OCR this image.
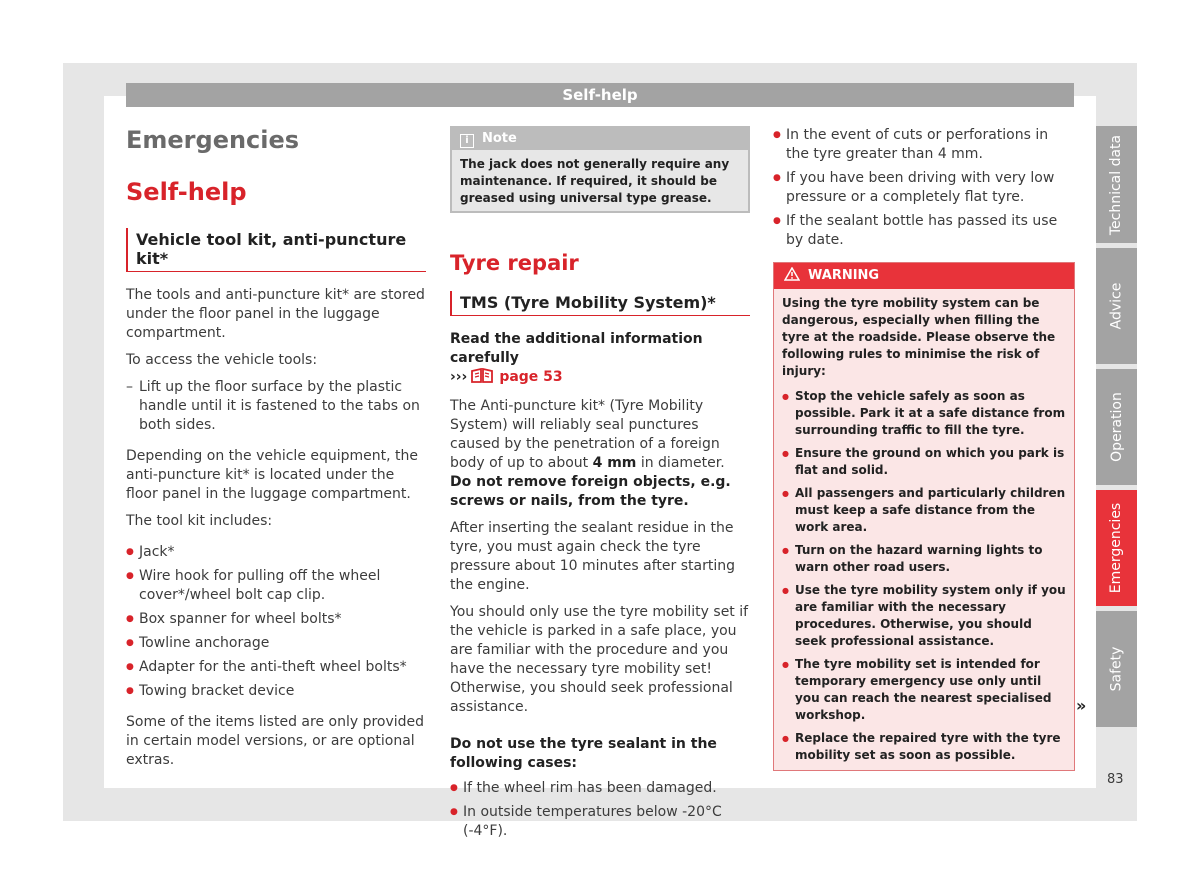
Self-help
Emergencies
Self-help
Vehicle tool kit, anti-puncture kit*

The tools and anti-puncture kit* are stored under the floor panel in the luggage compartment.

To access the vehicle tools:

– Lift up the floor surface by the plastic handle until it is fastened to the tabs on both sides.

Depending on the vehicle equipment, the anti-puncture kit* is located under the floor panel in the luggage compartment.

The tool kit includes:

● Jack*
● Wire hook for pulling off the wheel cover*/wheel bolt cap clip.
● Box spanner for wheel bolts*
● Towline anchorage
● Adapter for the anti-theft wheel bolts*
● Towing bracket device

Some of the items listed are only provided in certain model versions, or are optional extras.

i Note
The jack does not generally require any maintenance. If required, it should be greased using universal type grease.
Tyre repair
TMS (Tyre Mobility System)*

Read the additional information carefully
››› page 53

The Anti-puncture kit* (Tyre Mobility System) will reliably seal punctures caused by the penetration of a foreign body of up to about 4 mm in diameter. Do not remove foreign objects, e.g. screws or nails, from the tyre.

After inserting the sealant residue in the tyre, you must again check the tyre pressure about 10 minutes after starting the engine.

You should only use the tyre mobility set if the vehicle is parked in a safe place, you are familiar with the procedure and you have the necessary tyre mobility set! Otherwise, you should seek professional assistance.

Do not use the tyre sealant in the following cases:

● If the wheel rim has been damaged.
● In outside temperatures below -20°C (-4°F).
● In the event of cuts or perforations in the tyre greater than 4 mm.
● If you have been driving with very low pressure or a completely flat tyre.
● If the sealant bottle has passed its use by date.
WARNING

Using the tyre mobility system can be dangerous, especially when filling the tyre at the roadside. Please observe the following rules to minimise the risk of injury:

● Stop the vehicle safely as soon as possible. Park it at a safe distance from surrounding traffic to fill the tyre.
● Ensure the ground on which you park is flat and solid.
● All passengers and particularly children must keep a safe distance from the work area.
● Turn on the hazard warning lights to warn other road users.
● Use the tyre mobility system only if you are familiar with the necessary procedures. Otherwise, you should seek professional assistance.
● The tyre mobility set is intended for temporary emergency use only until you can reach the nearest specialised workshop.
● Replace the repaired tyre with the tyre mobility set as soon as possible.
»
Technical data
Advice
Operation
Emergencies
Safety
83
